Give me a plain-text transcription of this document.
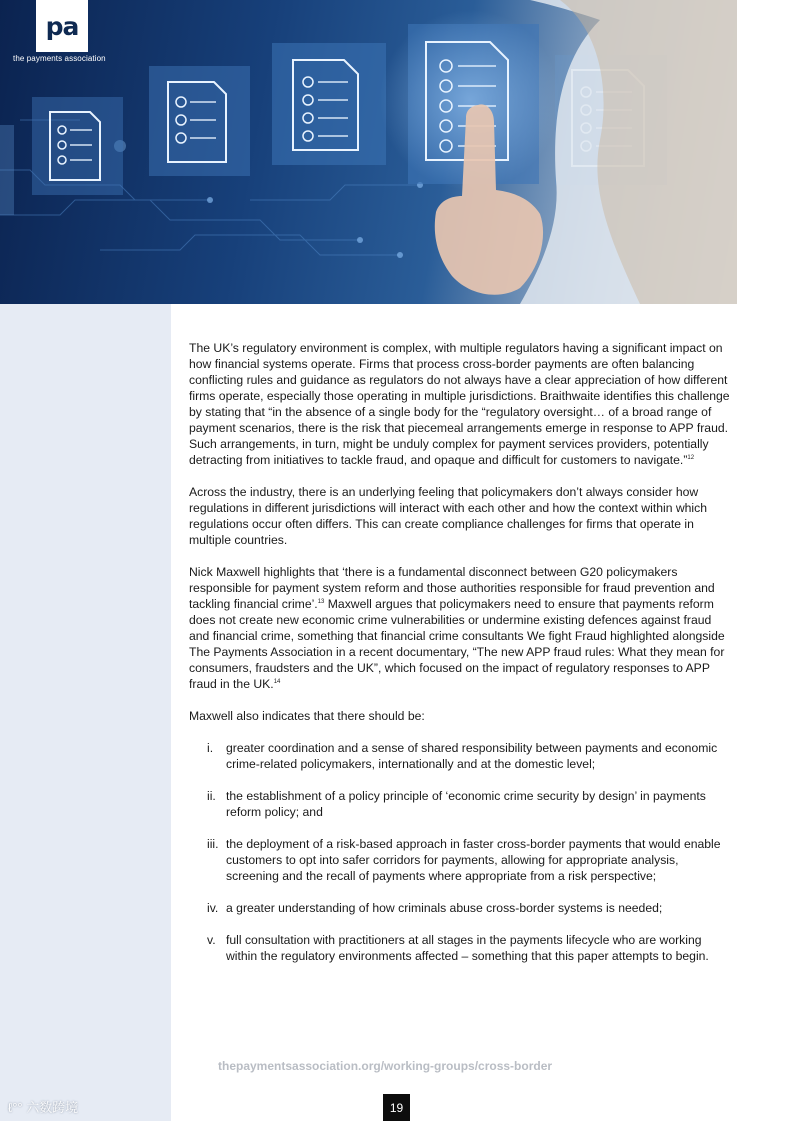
pa
the payments association

The UK’s regulatory environment is complex, with multiple regulators having a significant impact on how financial systems operate. Firms that process cross-border payments are often balancing conflicting rules and guidance as regulators do not always have a clear appreciation of how different firms operate, especially those operating in multiple jurisdictions. Braithwaite identifies this challenge by stating that “in the absence of a single body for the “regulatory oversight… of a broad range of payment scenarios, there is the risk that piecemeal arrangements emerge in response to APP fraud. Such arrangements, in turn, might be unduly complex for payment services providers, potentially detracting from initiatives to tackle fraud, and opaque and difficult for customers to navigate.”$^{12}$

Across the industry, there is an underlying feeling that policymakers don’t always consider how regulations in different jurisdictions will interact with each other and how the context within which regulations occur often differs. This can create compliance challenges for firms that operate in multiple countries.

Nick Maxwell highlights that ‘there is a fundamental disconnect between G20 policymakers responsible for payment system reform and those authorities responsible for fraud prevention and tackling financial crime’.$^{13}$ Maxwell argues that policymakers need to ensure that payments reform does not create new economic crime vulnerabilities or undermine existing defences against fraud and financial crime, something that financial crime consultants We fight Fraud highlighted alongside The Payments Association in a recent documentary, “The new APP fraud rules: What they mean for consumers, fraudsters and the UK”, which focused on the impact of regulatory responses to APP fraud in the UK.$^{14}$

Maxwell also indicates that there should be:

i. greater coordination and a sense of shared responsibility between payments and economic crime-related policymakers, internationally and at the domestic level;
ii. the establishment of a policy principle of ‘economic crime security by design’ in payments reform policy; and
iii. the deployment of a risk-based approach in faster cross-border payments that would enable customers to opt into safer corridors for payments, allowing for appropriate analysis, screening and the recall of payments where appropriate from a risk perspective;
iv. a greater understanding of how criminals abuse cross-border systems is needed;
v. full consultation with practitioners at all stages in the payments lifecycle who are working within the regulatory environments affected – something that this paper attempts to begin.
thepaymentsassociation.org/working-groups/cross-border
19
ℓ°° 六数跨境
